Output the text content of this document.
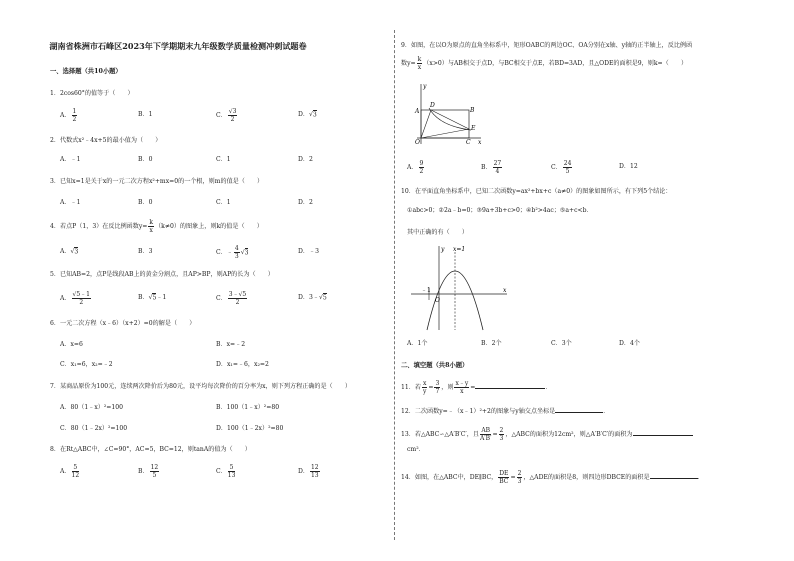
湖南省株洲市石峰区2023年下学期期末九年级数学质量检测冲刺试题卷
一、选择题（共10小题）
1．2cos60°的值等于（　　）
A． $\frac{1}{2}$	B．1	C． $\frac{√3}{2}$	D．√3
2．代数式x²﹣4x+5的最小值为（　　）
A．﹣1	B．0	C．1	D．2
3．已知x=1是关于x的一元二次方程x²+mx=0的一个根，则m的值是（　　）
A．﹣1	B．0	C．1	D．2
4．若点P（1，3）在反比例函数$y= \frac{k}{x} (k\ne 0)$的图象上，则k的值是（　　）
A．√3	B．3	C．﹣ $\frac{4}{3} √3$	D．﹣3
5．已知AB=2，点P是线段AB上的黄金分割点，且AP>BP，则AP的长为（　　）
A． $\frac{√5﹣1}{2}$	B．√5﹣1	C． $\frac{3﹣√5}{2}$	D．3﹣√5
6．一元二次方程（x﹣6）（x+2）=0的解是（　　）
A．x=6	B．x=﹣2
C．x₁=6，x₂=﹣2	D．x₁=﹣6，x₂=2
7．某商品原价为100元，连续两次降价后为80元，设平均每次降价的百分率为x，则下列方程正确的是（　　）
A．80（1﹣x）²=100	B．100（1﹣x）²=80
C．80（1﹣2x）²=100	D．100（1﹣2x）²=80
8．在Rt△ABC中，∠C=90°，AC=5，BC=12，则tanA的值为（　　）
A． $\frac{5}{12}$	B． $\frac{12}{5}$	C． $\frac{5}{13}$	D． $\frac{12}{13}$
9．如图，在以O为原点的直角坐标系中，矩形OABC的两边OC、OA分别在x轴、y轴的正半轴上，反比例函
数$y= \frac{k}{x} (x>0)$与AB相交于点D，与BC相交于点E，若BD=3AD，且△ODE的面积是9，则k=（　　）
y
x
O
A	B
C
D
E
A． $\frac{9}{2}$	B． $\frac{27}{4}$	C． $\frac{24}{5}$	D．12
10．在平面直角坐标系中，已知二次函数y=ax²+bx+c（a≠0）的图象如图所示，有下列5个结论：
①abc>0；②2a﹣b=0；③9a+3b+c>0；④b²>4ac；⑤a+c<b．
其中正确的有（　　）
y
x
O
﹣1
x=1
A．1个	B．2个	C．3个	D．4个
二、填空题（共8小题）
11．若 $\frac{x}{y} = \frac{3}{7}$ ，则 $\frac{x﹣y}{x}$ =	．
12．二次函数y=﹣（x﹣1）²+2的图象与y轴交点坐标是	．
13．若△ABC∽△A′B′C′，且 $\frac{AB}{A'B'} = \frac{2}{3}$ ，△ABC的面积为12cm²，则△A′B′C′的面积为
cm²．
14．如图，在△ABC中，DE∥BC， $\frac{DE}{BC} = \frac{2}{3}$ ，△ADE的面积是8，则四边形DBCE的面积是	．
